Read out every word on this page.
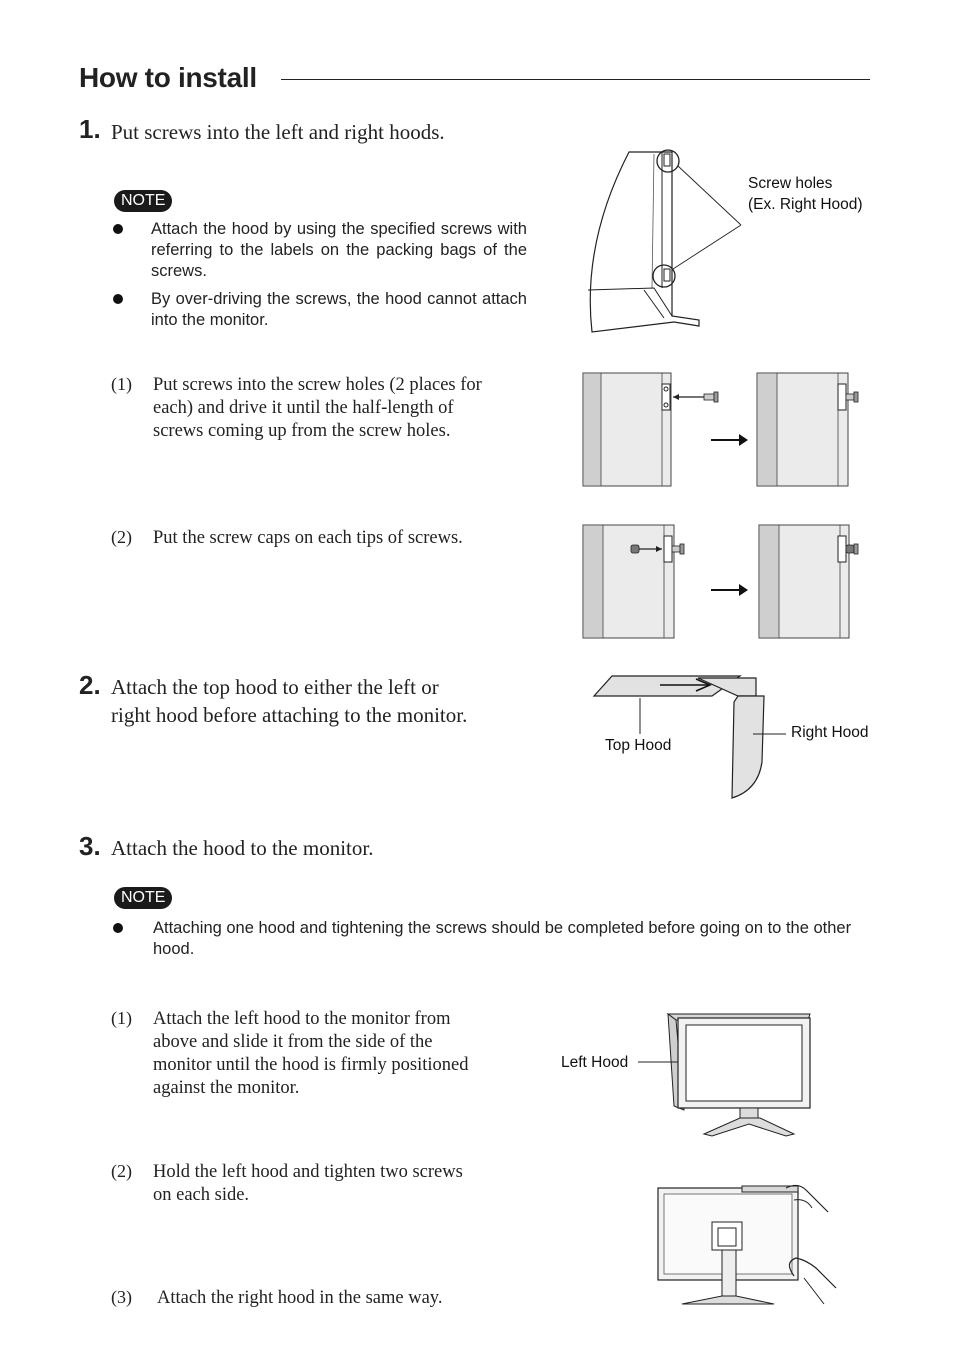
How to install
1. Put screws into the left and right hoods.
NOTE
Attach the hood by using the specified screws with referring to the labels on the packing bags of the screws.
By over-driving the screws, the hood cannot attach into the monitor.
(1) Put screws into the screw holes (2 places for
each) and drive it until the half-length of
screws coming up from the screw holes.
(2) Put the screw caps on each tips of screws.
2. Attach the top hood to either the left or
right hood before attaching to the monitor.
3. Attach the hood to the monitor.
NOTE
Attaching one hood and tightening the screws should be completed before going on to the other hood.
(1) Attach the left hood to the monitor from
above and slide it from the side of the
monitor until the hood is firmly positioned
against the monitor.
(2) Hold the left hood and tighten two screws
on each side.
(3) Attach the right hood in the same way.
Screw holes
(Ex. Right Hood)
Top Hood
Right Hood
Left Hood
